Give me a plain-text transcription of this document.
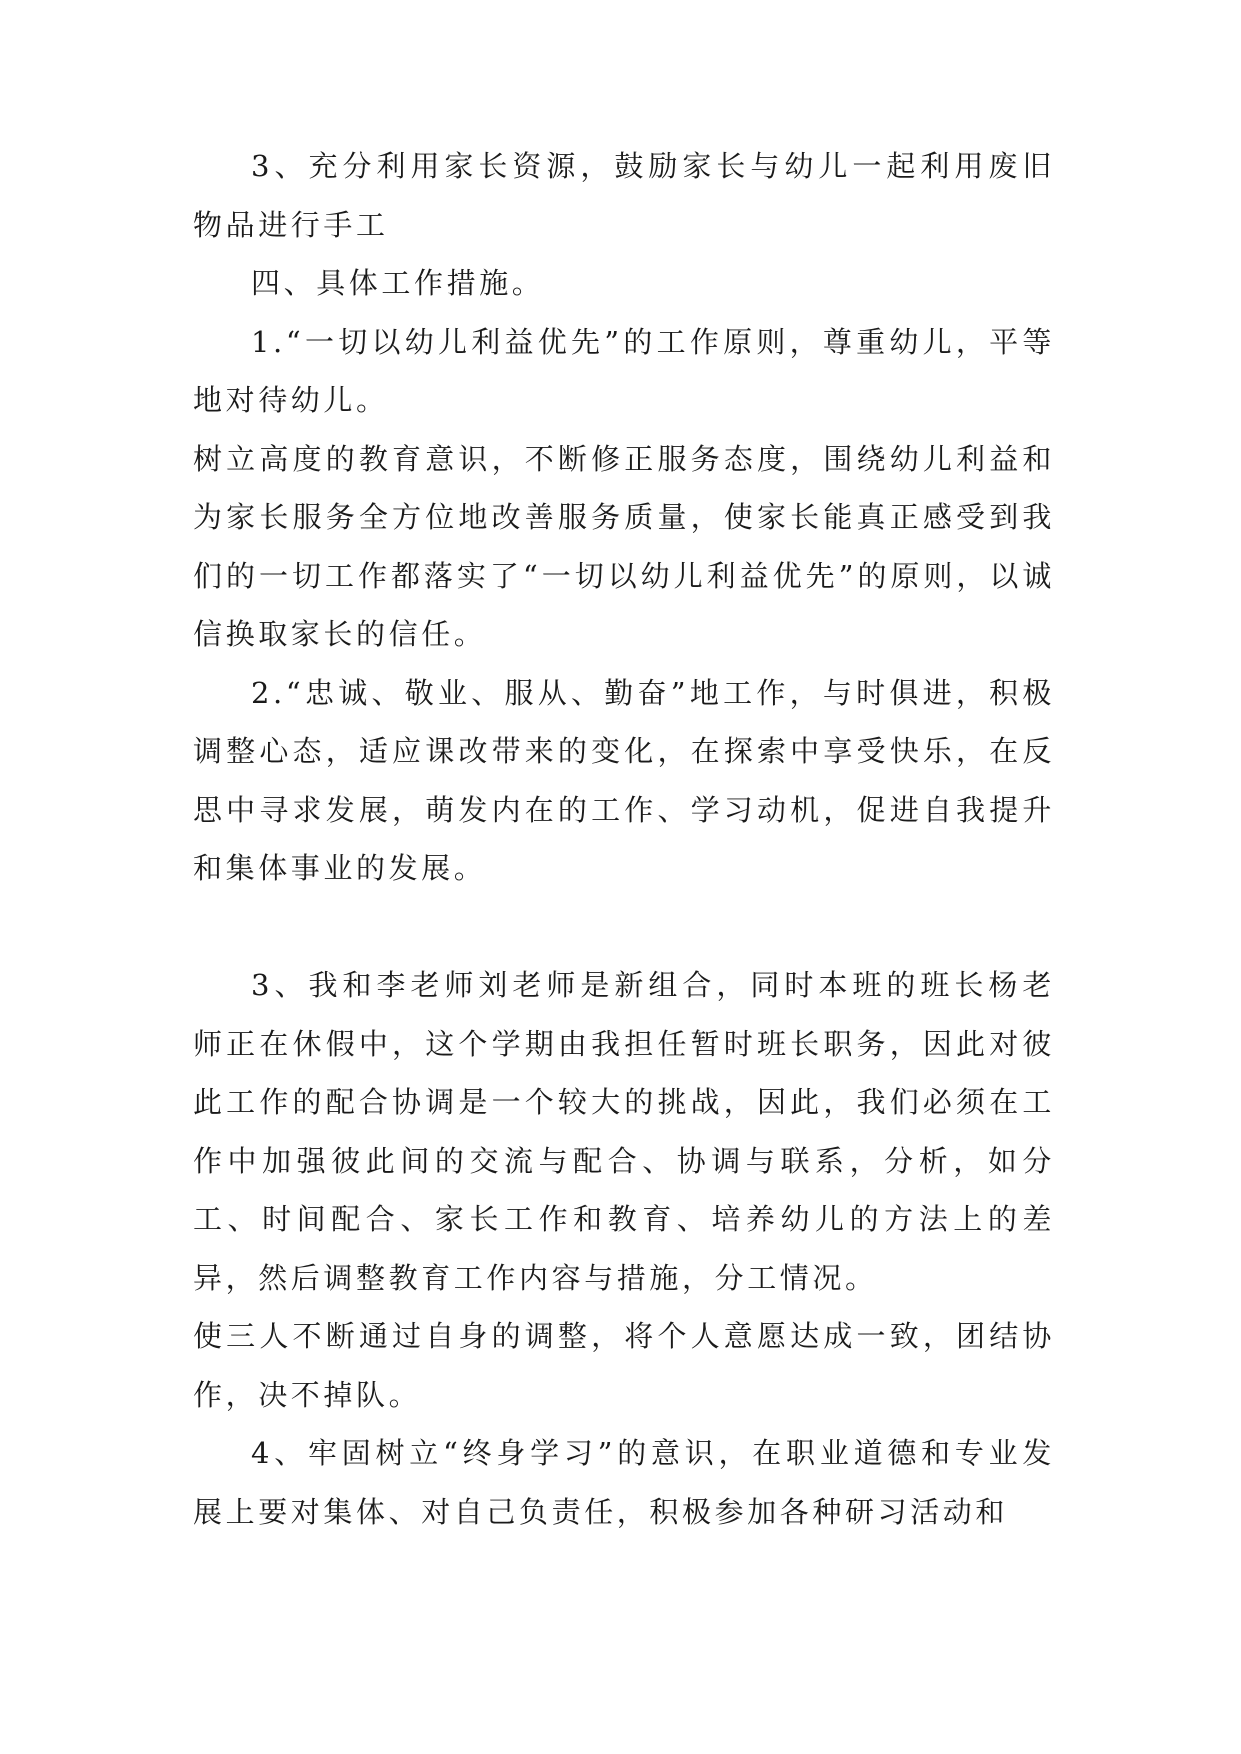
3、充分利用家长资源，鼓励家长与幼儿一起利用废旧物品进行手工

四、具体工作措施。

1.“一切以幼儿利益优先”的工作原则，尊重幼儿，平等地对待幼儿。

树立高度的教育意识，不断修正服务态度，围绕幼儿利益和为家长服务全方位地改善服务质量，使家长能真正感受到我们的一切工作都落实了“一切以幼儿利益优先”的原则，以诚信换取家长的信任。

2.“忠诚、敬业、服从、勤奋”地工作，与时俱进，积极调整心态，适应课改带来的变化，在探索中享受快乐，在反思中寻求发展，萌发内在的工作、学习动机，促进自我提升和集体事业的发展。

3、我和李老师刘老师是新组合，同时本班的班长杨老师正在休假中，这个学期由我担任暂时班长职务，因此对彼此工作的配合协调是一个较大的挑战，因此，我们必须在工作中加强彼此间的交流与配合、协调与联系，分析，如分工、时间配合、家长工作和教育、培养幼儿的方法上的差异，然后调整教育工作内容与措施，分工情况。

使三人不断通过自身的调整，将个人意愿达成一致，团结协作，决不掉队。

4、牢固树立“终身学习”的意识，在职业道德和专业发展上要对集体、对自己负责任，积极参加各种研习活动和
